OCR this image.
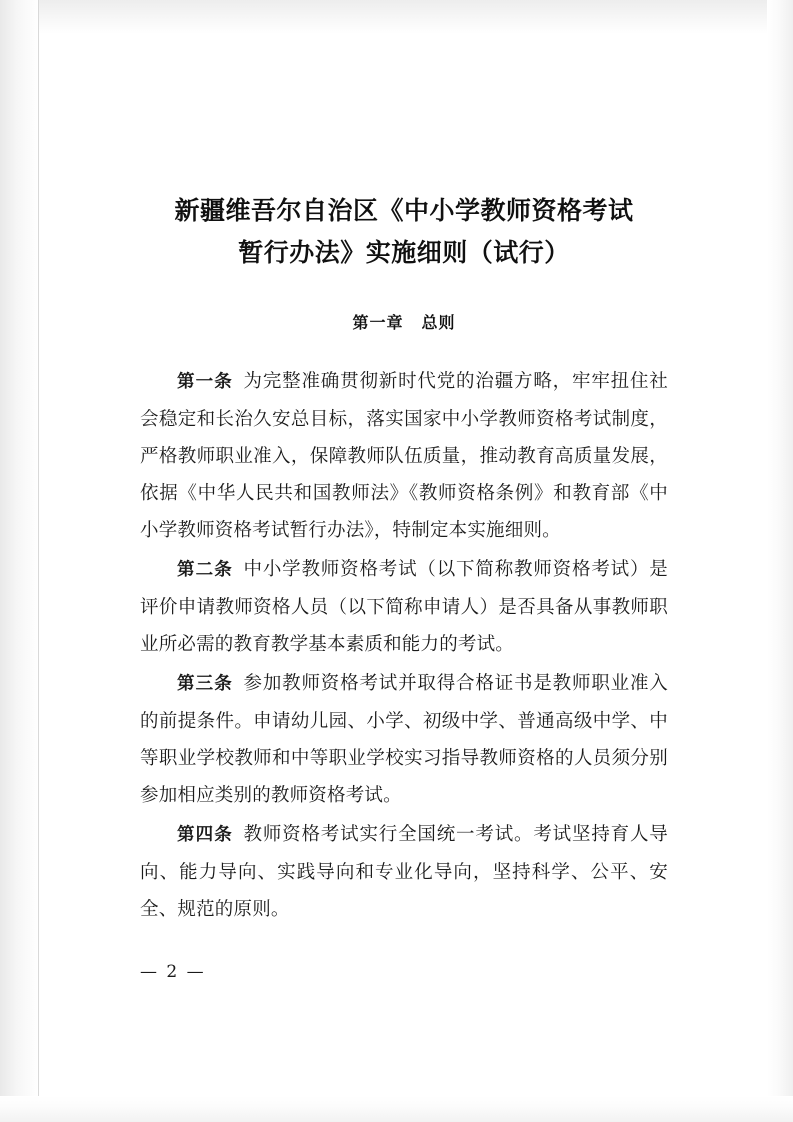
新疆维吾尔自治区《中小学教师资格考试
暂行办法》实施细则（试行）
第一章 总则

第一条 为完整准确贯彻新时代党的治疆方略，牢牢扭住社会稳定和长治久安总目标，落实国家中小学教师资格考试制度，严格教师职业准入，保障教师队伍质量，推动教育高质量发展，依据《中华人民共和国教师法》《教师资格条例》和教育部《中小学教师资格考试暂行办法》，特制定本实施细则。

第二条 中小学教师资格考试（以下简称教师资格考试）是评价申请教师资格人员（以下简称申请人）是否具备从事教师职业所必需的教育教学基本素质和能力的考试。

第三条 参加教师资格考试并取得合格证书是教师职业准入的前提条件。申请幼儿园、小学、初级中学、普通高级中学、中等职业学校教师和中等职业学校实习指导教师资格的人员须分别参加相应类别的教师资格考试。

第四条 教师资格考试实行全国统一考试。考试坚持育人导向、能力导向、实践导向和专业化导向，坚持科学、公平、安全、规范的原则。

— 2 —
